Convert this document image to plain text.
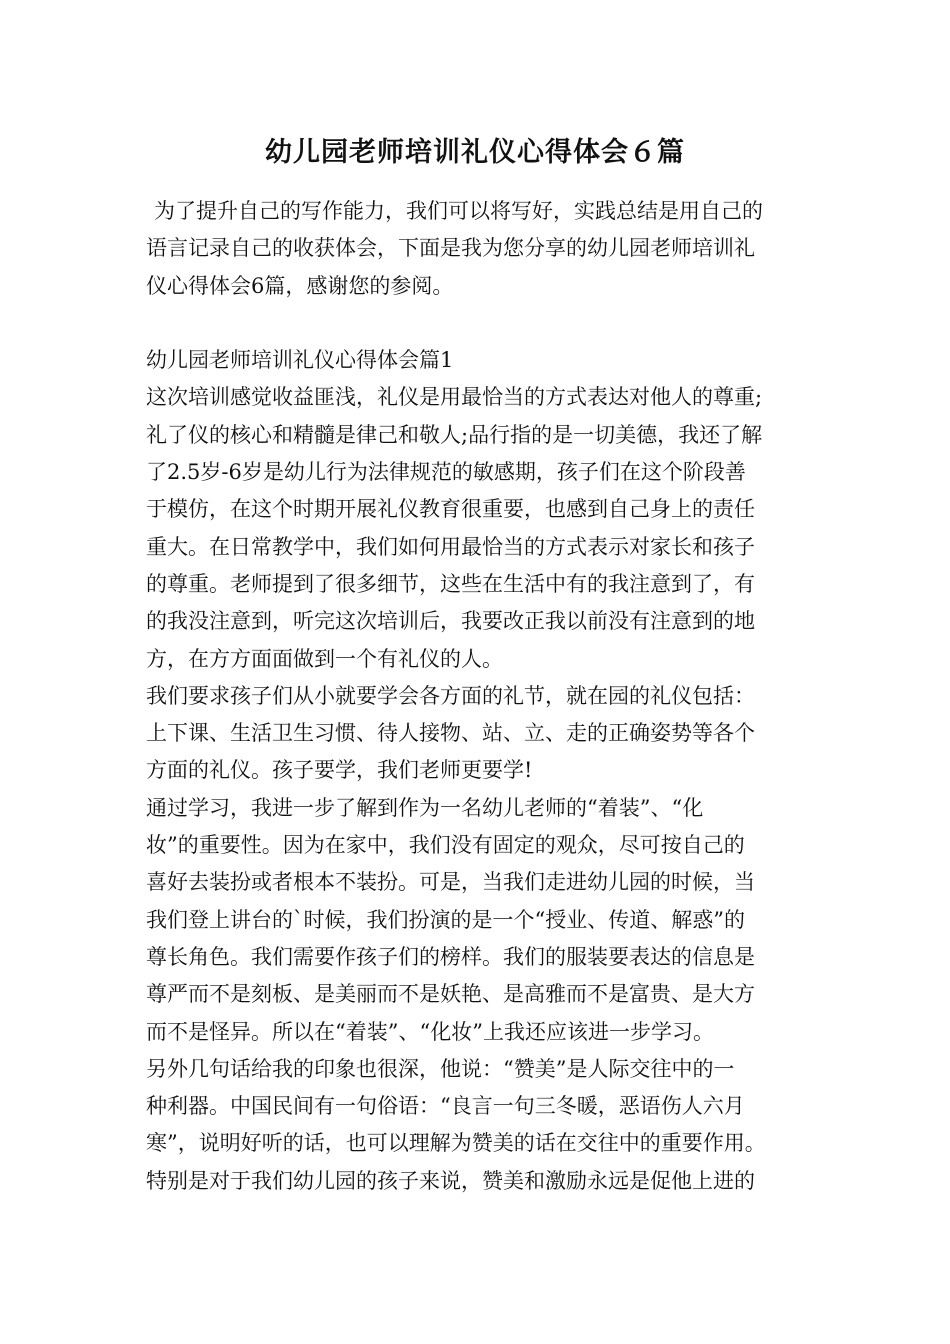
幼儿园老师培训礼仪心得体会６篇
为了提升自己的写作能力，我们可以将写好，实践总结是用自己的
语言记录自己的收获体会，下面是我为您分享的幼儿园老师培训礼
仪心得体会6篇，感谢您的参阅。
幼儿园老师培训礼仪心得体会篇1
这次培训感觉收益匪浅，礼仪是用最恰当的方式表达对他人的尊重;
礼了仪的核心和精髓是律己和敬人;品行指的是一切美德，我还了解
了2.5岁-6岁是幼儿行为法律规范的敏感期，孩子们在这个阶段善
于模仿，在这个时期开展礼仪教育很重要，也感到自己身上的责任
重大。在日常教学中，我们如何用最恰当的方式表示对家长和孩子
的尊重。老师提到了很多细节，这些在生活中有的我注意到了，有
的我没注意到，听完这次培训后，我要改正我以前没有注意到的地
方，在方方面面做到一个有礼仪的人。
我们要求孩子们从小就要学会各方面的礼节，就在园的礼仪包括：
上下课、生活卫生习惯、待人接物、站、立、走的正确姿势等各个
方面的礼仪。孩子要学，我们老师更要学!
通过学习，我进一步了解到作为一名幼儿老师的“着装”、“化
妆”的重要性。因为在家中，我们没有固定的观众，尽可按自己的
喜好去装扮或者根本不装扮。可是，当我们走进幼儿园的时候，当
我们登上讲台的`时候，我们扮演的是一个“授业、传道、解惑”的
尊长角色。我们需要作孩子们的榜样。我们的服装要表达的信息是
尊严而不是刻板、是美丽而不是妖艳、是高雅而不是富贵、是大方
而不是怪异。所以在“着装”、“化妆”上我还应该进一步学习。
另外几句话给我的印象也很深，他说：“赞美”是人际交往中的一
种利器。中国民间有一句俗语：“良言一句三冬暖，恶语伤人六月
寒”，说明好听的话，也可以理解为赞美的话在交往中的重要作用。
特别是对于我们幼儿园的孩子来说，赞美和激励永远是促他上进的
